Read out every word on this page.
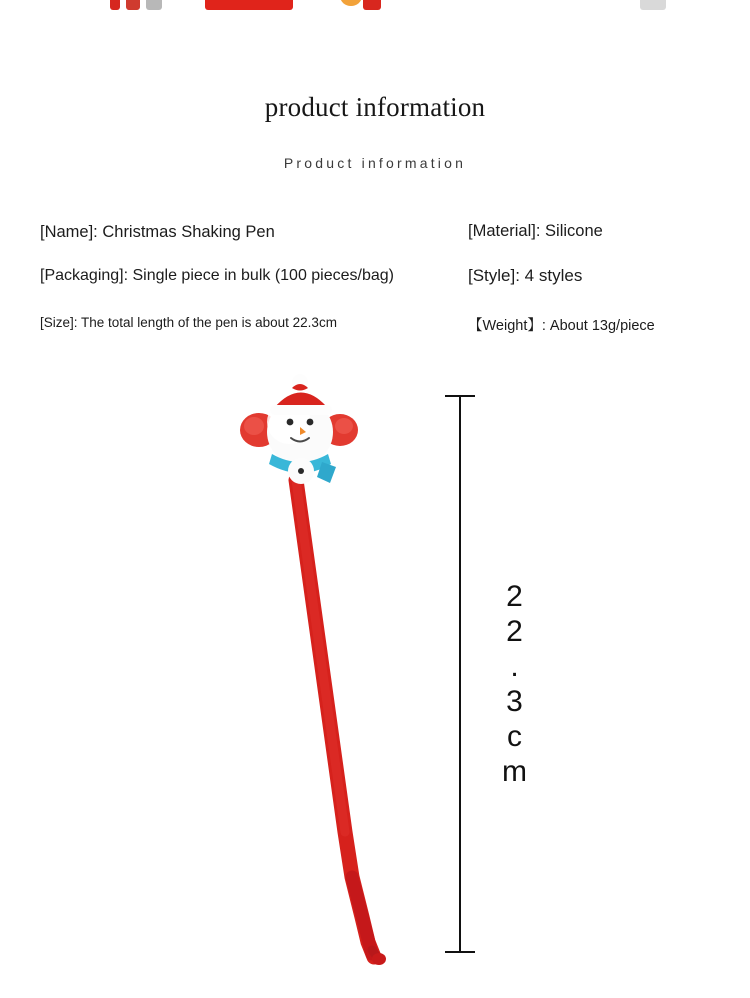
product information
Product information
[Name]: Christmas Shaking Pen	[Material]: Silicone
[Packaging]: Single piece in bulk (100 pieces/bag)	[Style]: 4 styles
[Size]: The total length of the pen is about 22.3cm	【Weight】: About 13g/piece
22.3cm
